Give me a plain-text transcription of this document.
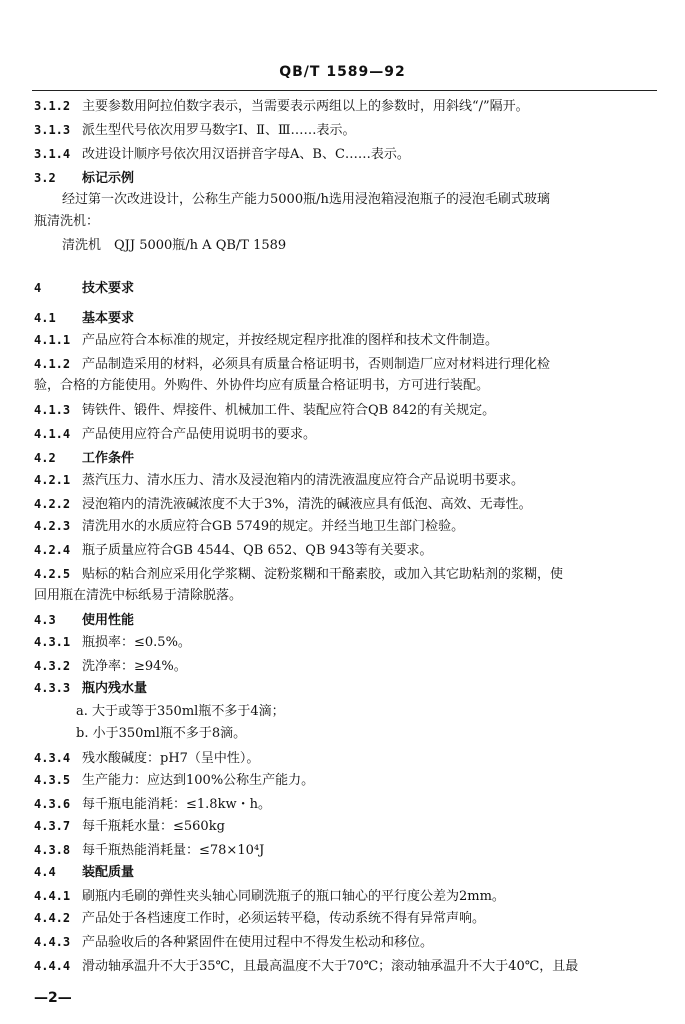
QB/T 1589—92
3.1.2 主要参数用阿拉伯数字表示，当需要表示两组以上的参数时，用斜线“/”隔开。
3.1.3 派生型代号依次用罗马数字Ⅰ、Ⅱ、Ⅲ……表示。
3.1.4 改进设计顺序号依次用汉语拼音字母A、B、C……表示。
3.2 标记示例
经过第一次改进设计，公称生产能力5000瓶/h选用浸泡箱浸泡瓶子的浸泡毛刷式玻璃
瓶清洗机：
清洗机　QJJ 5000瓶/h A QB/T 1589
4	技术要求
4.1 基本要求
4.1.1 产品应符合本标准的规定，并按经规定程序批准的图样和技术文件制造。
4.1.2 产品制造采用的材料，必须具有质量合格证明书，否则制造厂应对材料进行理化检
验，合格的方能使用。外购件、外协件均应有质量合格证明书，方可进行装配。
4.1.3 铸铁件、锻件、焊接件、机械加工件、装配应符合QB 842的有关规定。
4.1.4 产品使用应符合产品使用说明书的要求。
4.2 工作条件
4.2.1 蒸汽压力、清水压力、清水及浸泡箱内的清洗液温度应符合产品说明书要求。
4.2.2 浸泡箱内的清洗液碱浓度不大于3%，清洗的碱液应具有低泡、高效、无毒性。
4.2.3 清洗用水的水质应符合GB 5749的规定。并经当地卫生部门检验。
4.2.4 瓶子质量应符合GB 4544、QB 652、QB 943等有关要求。
4.2.5 贴标的粘合剂应采用化学浆糊、淀粉浆糊和干酪素胶，或加入其它助粘剂的浆糊，使
回用瓶在清洗中标纸易于清除脱落。
4.3 使用性能
4.3.1 瓶损率：≤0.5%。
4.3.2 洗净率：≥94%。
4.3.3 瓶内残水量
a. 大于或等于350ml瓶不多于4滴；
b. 小于350ml瓶不多于8滴。
4.3.4 残水酸碱度：pH7（呈中性）。
4.3.5 生产能力：应达到100%公称生产能力。
4.3.6 每千瓶电能消耗：≤1.8kw・h。
4.3.7 每千瓶耗水量：≤560kg
4.3.8 每千瓶热能消耗量：≤78×10⁴J
4.4 装配质量
4.4.1 刷瓶内毛刷的弹性夹头轴心同刷洗瓶子的瓶口轴心的平行度公差为2mm。
4.4.2 产品处于各档速度工作时，必须运转平稳，传动系统不得有异常声响。
4.4.3 产品验收后的各种紧固件在使用过程中不得发生松动和移位。
4.4.4 滑动轴承温升不大于35℃，且最高温度不大于70℃；滚动轴承温升不大于40℃，且最
—2—
